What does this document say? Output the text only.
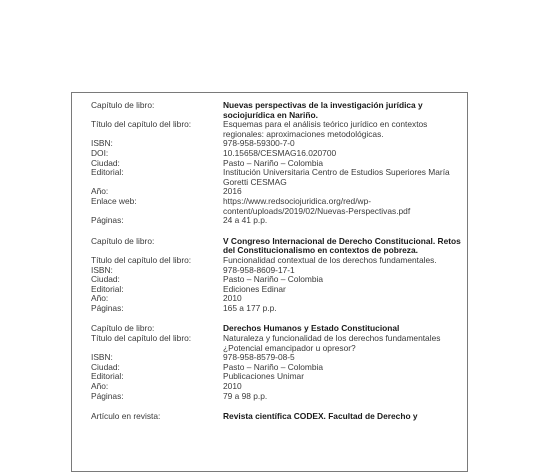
Capítulo de libro:	Nuevas perspectivas de la investigación jurídica y sociojurídica en Nariño.
Título del capítulo del libro:	Esquemas para el análisis teórico jurídico en contextos regionales: aproximaciones metodológicas.
ISBN:	978-958-59300-7-0
DOI:	10.15658/CESMAG16.020700
Ciudad:	Pasto – Nariño – Colombia
Editorial:	Institución Universitaria Centro de Estudios Superiores María Goretti CESMAG
Año:	2016
Enlace web:	https://www.redsociojuridica.org/red/wp-content/uploads/2019/02/Nuevas-Perspectivas.pdf
Páginas:	24 a 41 p.p.
Capítulo de libro:	V Congreso Internacional de Derecho Constitucional. Retos del Constitucionalismo en contextos de pobreza.
Título del capítulo del libro:	Funcionalidad contextual de los derechos fundamentales.
ISBN:	978-958-8609-17-1
Ciudad:	Pasto – Nariño – Colombia
Editorial:	Ediciones Edinar
Año:	2010
Páginas:	165 a 177 p.p.
Capítulo de libro:	Derechos Humanos y Estado Constitucional
Título del capítulo del libro:	Naturaleza y funcionalidad de los derechos fundamentales ¿Potencial emancipador u opresor?
ISBN:	978-958-8579-08-5
Ciudad:	Pasto – Nariño – Colombia
Editorial:	Publicaciones Unimar
Año:	2010
Páginas:	79 a 98 p.p.
Artículo en revista:	Revista científica CODEX. Facultad de Derecho y
